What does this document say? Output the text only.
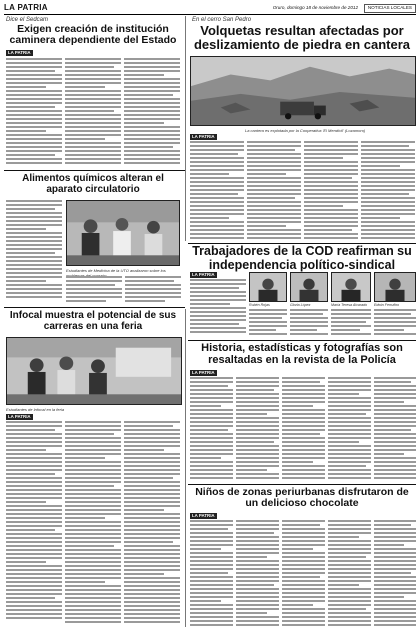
LA PATRIA	Oruro, domingo 18 de noviembre de 2012	NOTICIAS LOCALES
Dice el Sedcam
Exigen creación de institución caminera dependiente del Estado
LA PATRIA
En el cerro San Pedro
Volquetas resultan afectadas por deslizamiento de piedra en cantera
La cantera es explotada por la Cooperativa 'El Mendívil' (Lozamoro)
LA PATRIA
Alimentos químicos alteran el aparato circulatorio
Estudiantes de Medicina de la UTO analizaron sobre los
Trabajadores de la COD reafirman su independencia político-sindical
LA PATRIA
Rubén Rojas	Gloria López	María Teresa Alvarado Edwin Ferrufino
Infocal muestra el potencial de sus carreras en una feria
Estudiantes de Infocal en la feria
LA PATRIA
Historia, estadísticas y fotografías son resaltadas en la revista de la Policía
LA PATRIA
Niños de zonas periurbanas disfrutaron de un delicioso chocolate
LA PATRIA
